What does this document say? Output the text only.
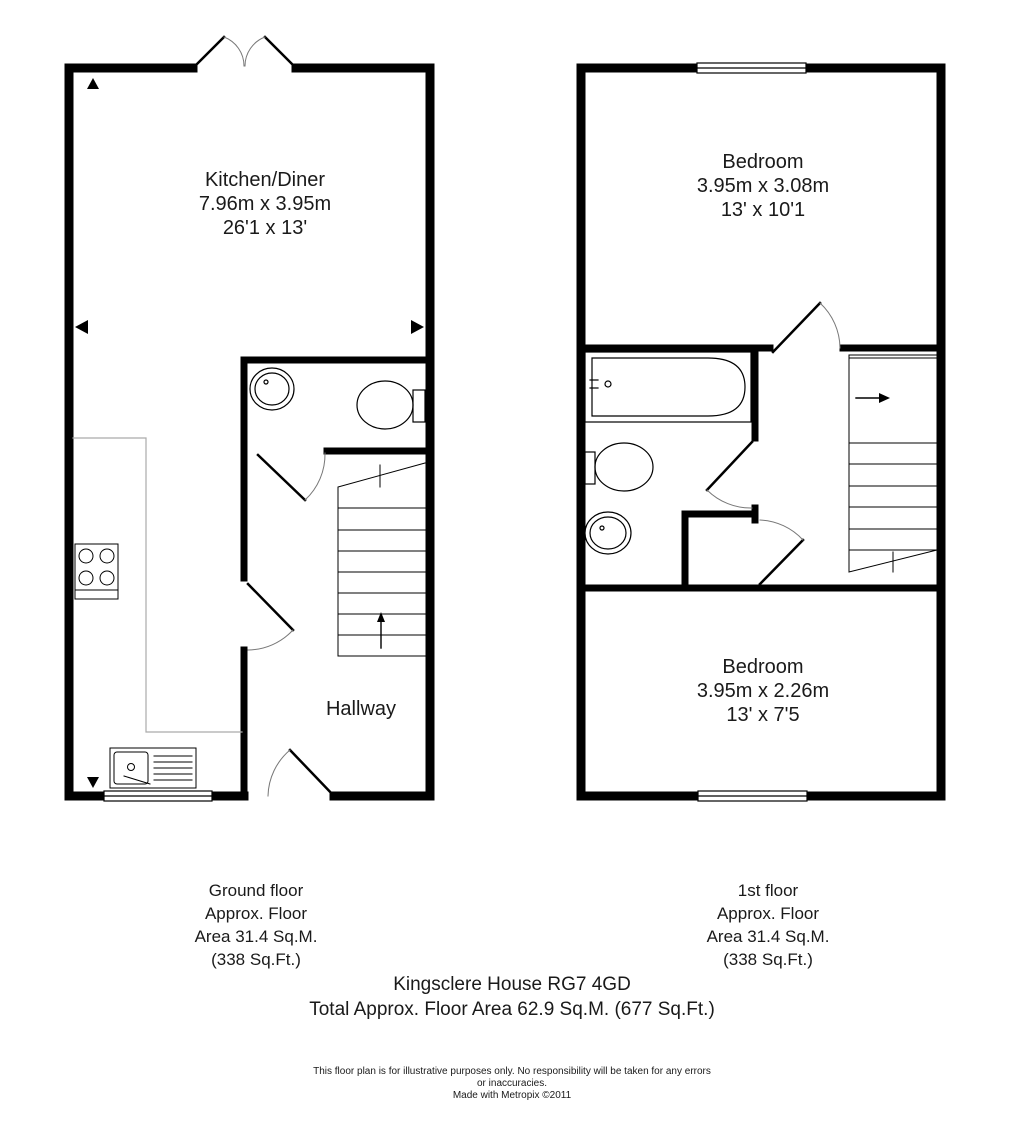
Kitchen/Diner
7.96m x 3.95m
26'1 x 13'
Hallway
Bedroom
3.95m x 3.08m
13' x 10'1
Bedroom
3.95m x 2.26m
13' x 7'5
Ground floor
Approx. Floor
Area 31.4 Sq.M.
(338 Sq.Ft.)
1st floor
Approx. Floor
Area 31.4 Sq.M.
(338 Sq.Ft.)
Kingsclere House RG7 4GD
Total Approx. Floor Area 62.9 Sq.M. (677 Sq.Ft.)
This floor plan is for illustrative purposes only. No responsibility will be taken for any errors
or inaccuracies.
Made with Metropix ©2011
